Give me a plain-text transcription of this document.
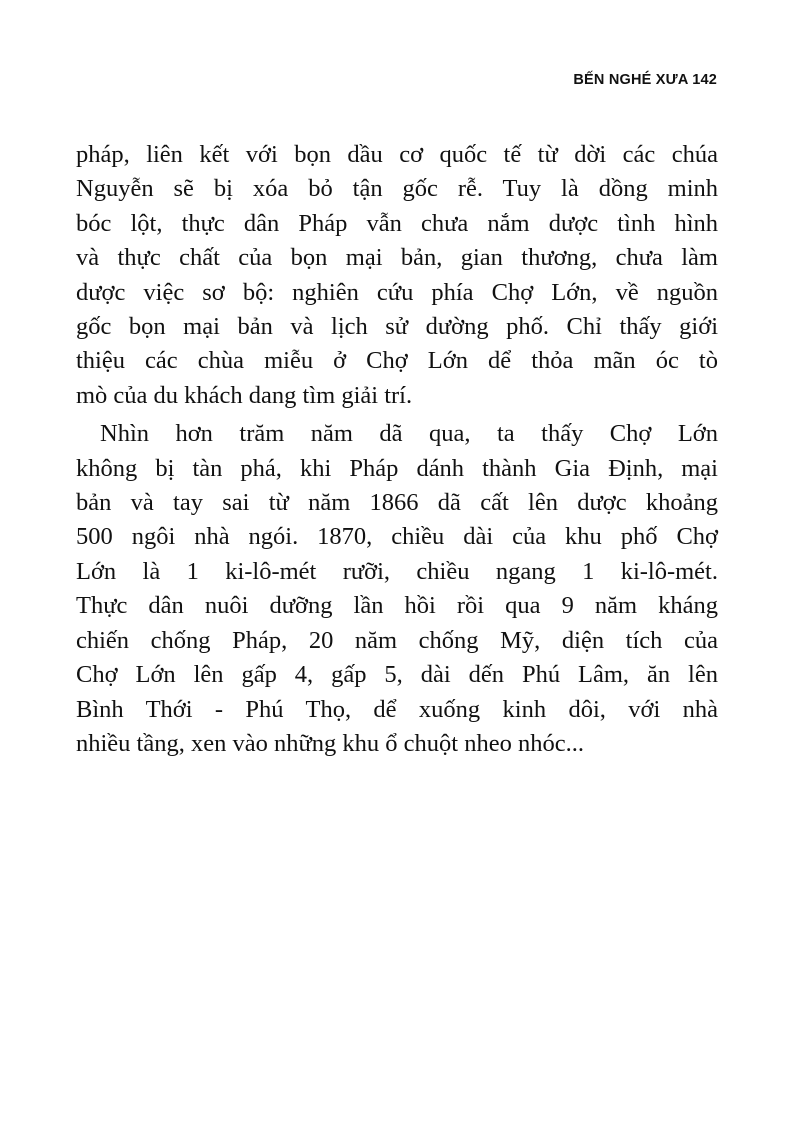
BẾN NGHÉ XƯA 142
pháp, liên kết với bọn dầu cơ quốc tế từ dời các chúa
Nguyễn sẽ bị xóa bỏ tận gốc rễ. Tuy là dồng minh
bóc lột, thực dân Pháp vẫn chưa nắm dược tình hình
và thực chất của bọn mại bản, gian thương, chưa làm
dược việc sơ bộ: nghiên cứu phía Chợ Lớn, về nguồn
gốc bọn mại bản và lịch sử dường phố. Chỉ thấy giới
thiệu các chùa miễu ở Chợ Lớn dể thỏa mãn óc tò
mò của du khách dang tìm giải trí.
Nhìn hơn trăm năm dã qua, ta thấy Chợ Lớn
không bị tàn phá, khi Pháp dánh thành Gia Định, mại
bản và tay sai từ năm 1866 dã cất lên dược khoảng
500 ngôi nhà ngói. 1870, chiều dài của khu phố Chợ
Lớn là 1 ki-lô-mét rưỡi, chiều ngang 1 ki-lô-mét.
Thực dân nuôi dưỡng lần hồi rồi qua 9 năm kháng
chiến chống Pháp, 20 năm chống Mỹ, diện tích của
Chợ Lớn lên gấp 4, gấp 5, dài dến Phú Lâm, ăn lên
Bình Thới - Phú Thọ, dể xuống kinh dôi, với nhà
nhiều tầng, xen vào những khu ổ chuột nheo nhóc...
